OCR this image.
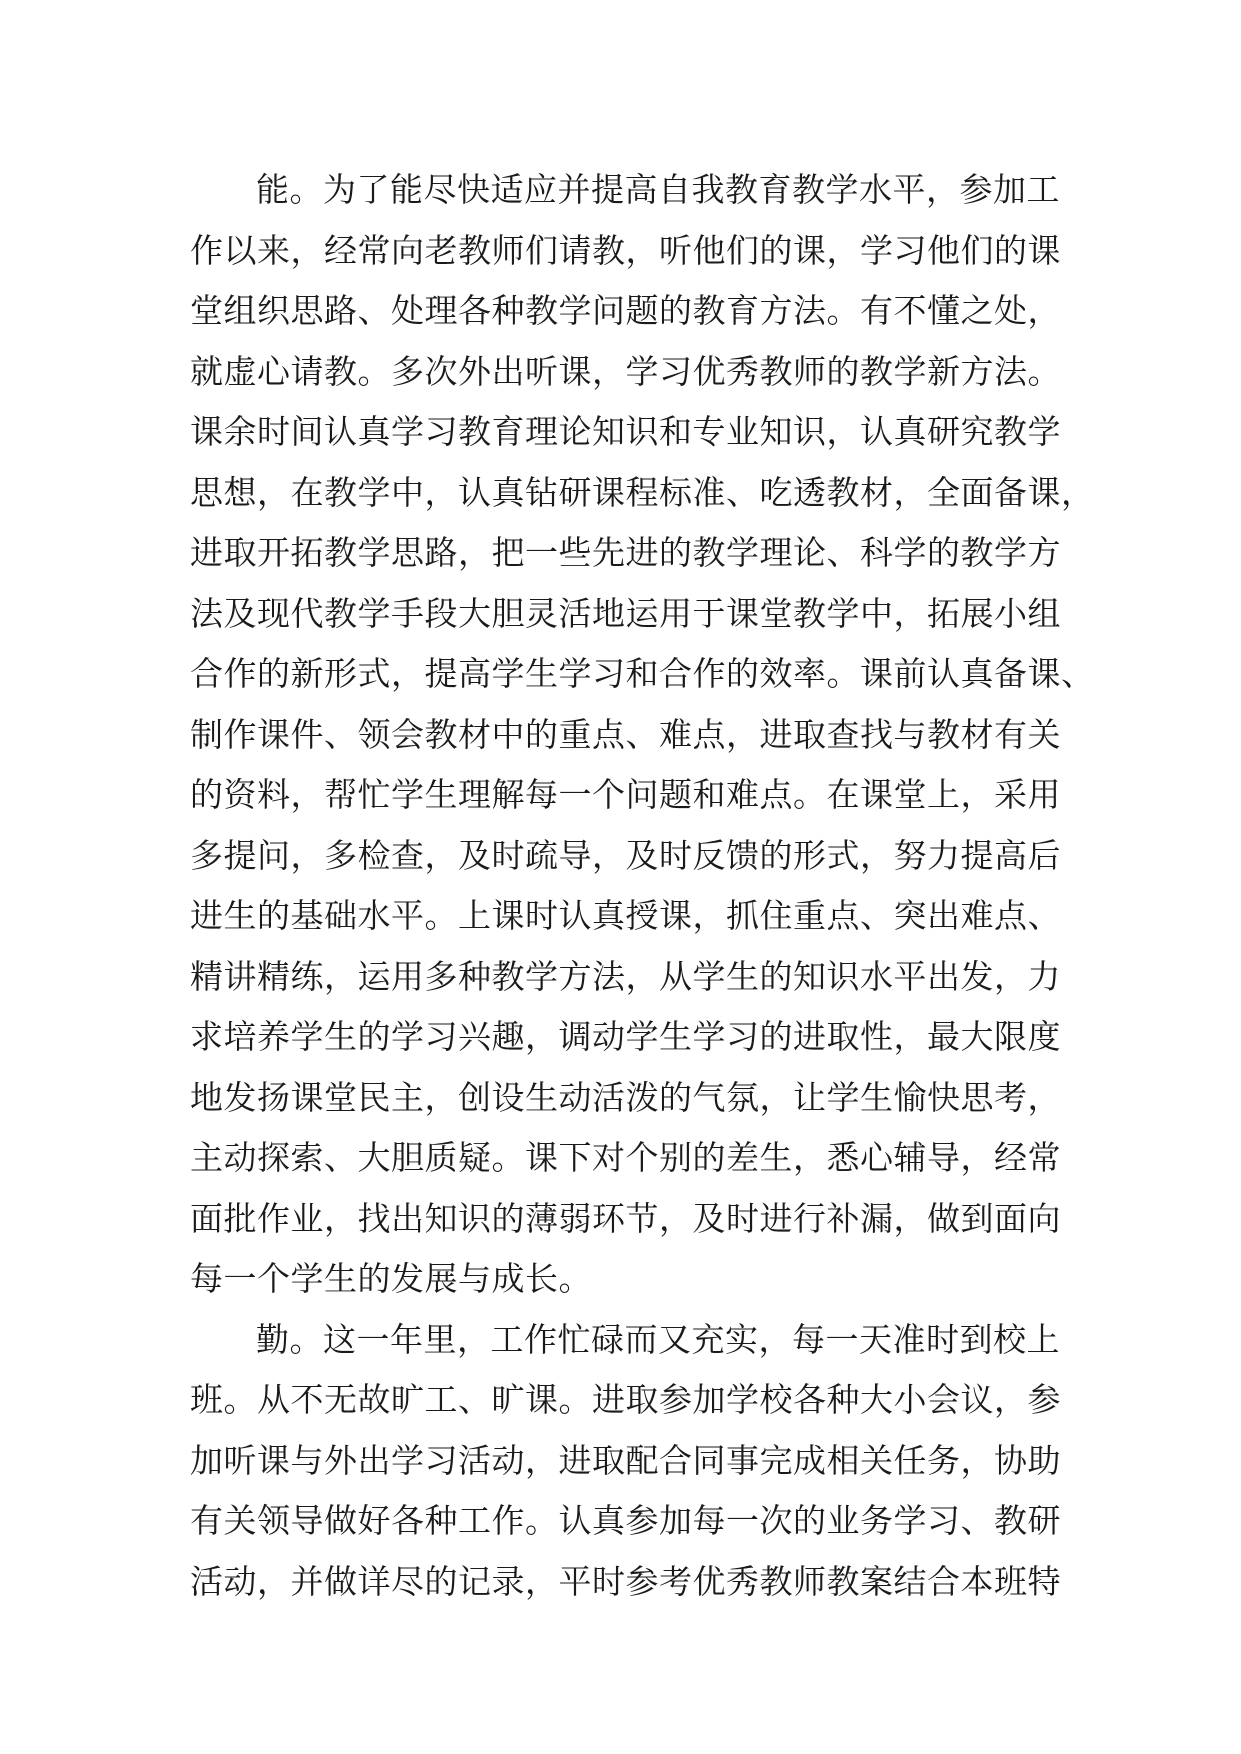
能。为了能尽快适应并提高自我教育教学水平，参加工
作以来，经常向老教师们请教，听他们的课，学习他们的课
堂组织思路、处理各种教学问题的教育方法。有不懂之处，
就虚心请教。多次外出听课，学习优秀教师的教学新方法。
课余时间认真学习教育理论知识和专业知识，认真研究教学
思想，在教学中，认真钻研课程标准、吃透教材，全面备课，
进取开拓教学思路，把一些先进的教学理论、科学的教学方
法及现代教学手段大胆灵活地运用于课堂教学中，拓展小组
合作的新形式，提高学生学习和合作的效率。课前认真备课、
制作课件、领会教材中的重点、难点，进取查找与教材有关
的资料，帮忙学生理解每一个问题和难点。在课堂上，采用
多提问，多检查，及时疏导，及时反馈的形式，努力提高后
进生的基础水平。上课时认真授课，抓住重点、突出难点、
精讲精练，运用多种教学方法，从学生的知识水平出发，力
求培养学生的学习兴趣，调动学生学习的进取性，最大限度
地发扬课堂民主，创设生动活泼的气氛，让学生愉快思考，
主动探索、大胆质疑。课下对个别的差生，悉心辅导，经常
面批作业，找出知识的薄弱环节，及时进行补漏，做到面向
每一个学生的发展与成长。

勤。这一年里，工作忙碌而又充实，每一天准时到校上
班。从不无故旷工、旷课。进取参加学校各种大小会议，参
加听课与外出学习活动，进取配合同事完成相关任务，协助
有关领导做好各种工作。认真参加每一次的业务学习、教研
活动，并做详尽的记录，平时参考优秀教师教案结合本班特
